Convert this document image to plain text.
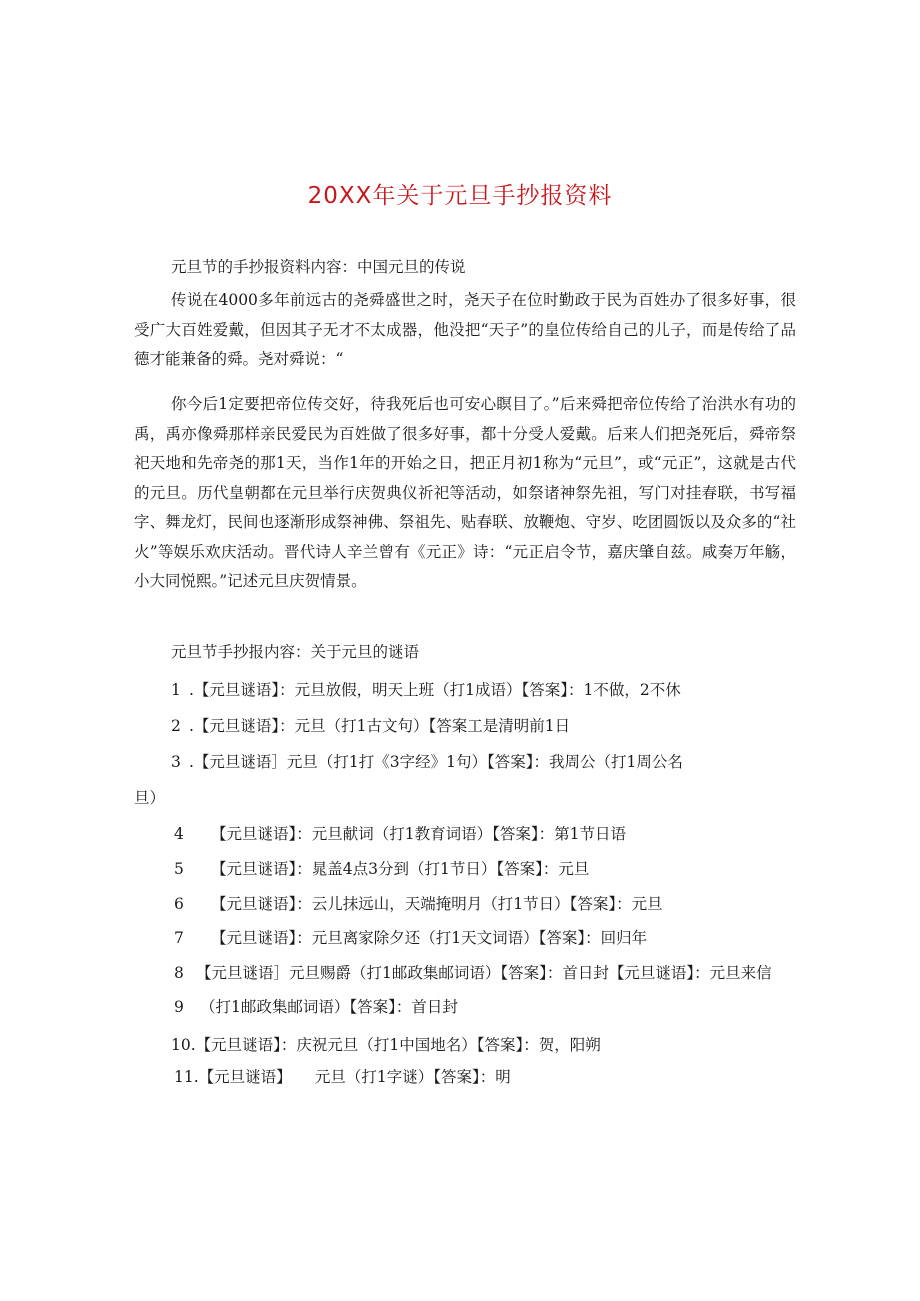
20XX年关于元旦手抄报资料
元旦节的手抄报资料内容：中国元旦的传说

传说在4000多年前远古的尧舜盛世之时，尧天子在位时勤政于民为百姓办了很多好事，很受广大百姓爱戴，但因其子无才不太成器，他没把“天子”的皇位传给自己的儿子，而是传给了品德才能兼备的舜。尧对舜说：“

你今后1定要把帝位传交好，待我死后也可安心瞑目了。”后来舜把帝位传给了治洪水有功的禹，禹亦像舜那样亲民爱民为百姓做了很多好事，都十分受人爱戴。后来人们把尧死后，舜帝祭祀天地和先帝尧的那1天，当作1年的开始之日，把正月初1称为“元旦”，或“元正”，这就是古代的元旦。历代皇朝都在元旦举行庆贺典仪祈祀等活动，如祭诸神祭先祖，写门对挂春联，书写福字、舞龙灯，民间也逐渐形成祭神佛、祭祖先、贴春联、放鞭炮、守岁、吃团圆饭以及众多的“社火”等娱乐欢庆活动。晋代诗人辛兰曾有《元正》诗：“元正启令节，嘉庆肇自兹。咸奏万年觞，小大同悦熙。”记述元旦庆贺情景。

元旦节手抄报内容：关于元旦的谜语
1 .【元旦谜语】：元旦放假，明天上班（打1成语）【答案】：1不做，2不休
2 .【元旦谜语】：元旦（打1古文句）【答案工是清明前1日
3 .【元旦谜语］元旦（打1打《3字经》1句）【答案】：我周公（打1周公名
旦）
4 【元旦谜语】：元旦献词（打1教育词语）【答案】：第1节日语
5 【元旦谜语】：晁盖4点3分到（打1节日）【答案】：元旦
6 【元旦谜语】：云儿抹远山，天端掩明月（打1节日）【答案】：元旦
7 【元旦谜语】：元旦离家除夕还（打1天文词语）【答案】：回归年
8 【元旦谜语］元旦赐爵（打1邮政集邮词语）【答案】：首日封【元旦谜语】：元旦来信
9 （打1邮政集邮词语）【答案】：首日封
10.【元旦谜语】：庆祝元旦（打1中国地名）【答案】：贺，阳朔
11.【元旦谜语】　　元旦（打1字谜）【答案】：明
